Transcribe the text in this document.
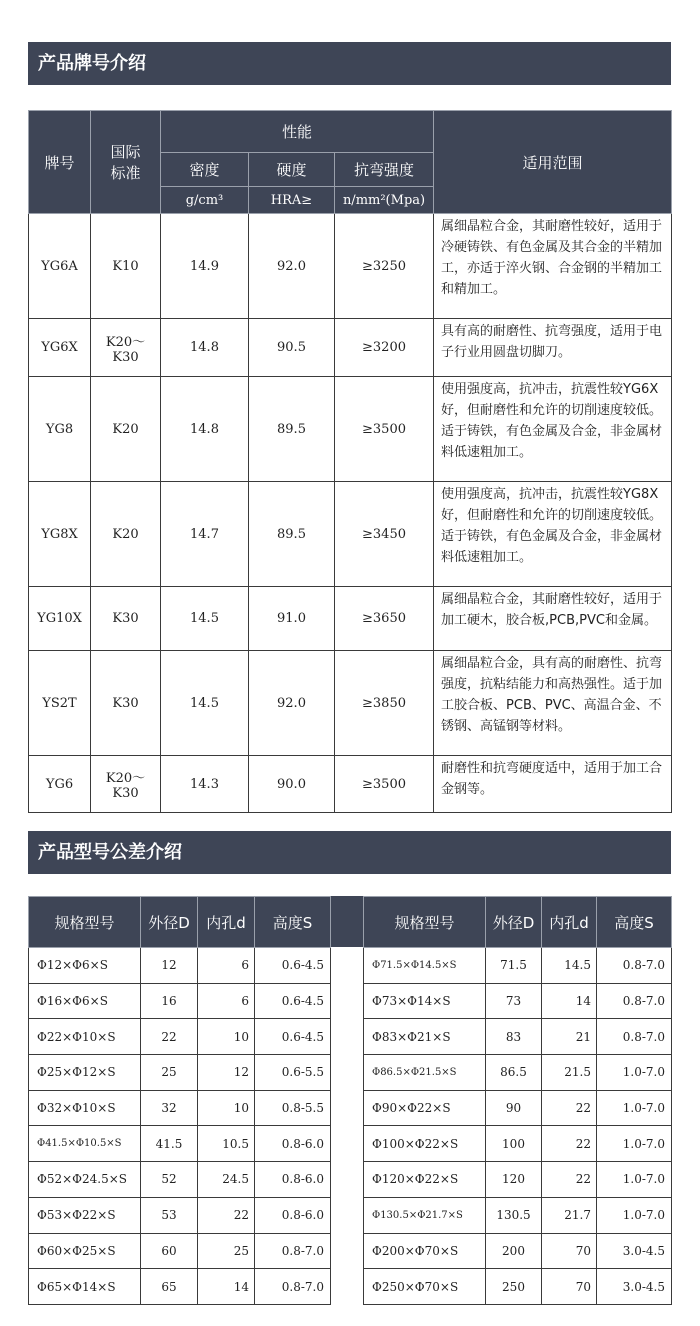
产品牌号介绍
牌号	国际标准	性能			适用范围
		密度	硬度	抗弯强度	
		g/cm³	HRA≥	n/mm²(Mpa)	
YG6A	K10	14.9	92.0	≥3250	属细晶粒合金，其耐磨性较好，适用于冷硬铸铁、有色金属及其合金的半精加工，亦适于淬火钢、合金钢的半精加工和精加工。
YG6X	K20～K30	14.8	90.5	≥3200	具有高的耐磨性、抗弯强度，适用于电子行业用圆盘切脚刀。
YG8	K20	14.8	89.5	≥3500	使用强度高，抗冲击，抗震性较YG6X好，但耐磨性和允许的切削速度较低。适于铸铁，有色金属及合金，非金属材料低速粗加工。
YG8X	K20	14.7	89.5	≥3450	使用强度高，抗冲击，抗震性较YG8X好，但耐磨性和允许的切削速度较低。适于铸铁，有色金属及合金，非金属材料低速粗加工。
YG10X	K30	14.5	91.0	≥3650	属细晶粒合金，其耐磨性较好，适用于加工硬木，胶合板,PCB,PVC和金属。
YS2T	K30	14.5	92.0	≥3850	属细晶粒合金，具有高的耐磨性、抗弯强度，抗粘结能力和高热强性。适于加工胶合板、PCB、PVC、高温合金、不锈钢、高锰钢等材料。
YG6	K20～K30	14.3	90.0	≥3500	耐磨性和抗弯硬度适中，适用于加工合金钢等。
产品型号公差介绍
规格型号	外径D	内孔d	高度S
Φ12×Φ6×S	12	6	0.6-4.5
Φ16×Φ6×S	16	6	0.6-4.5
Φ22×Φ10×S	22	10	0.6-4.5
Φ25×Φ12×S	25	12	0.6-5.5
Φ32×Φ10×S	32	10	0.8-5.5
Φ41.5×Φ10.5×S	41.5	10.5	0.8-6.0
Φ52×Φ24.5×S	52	24.5	0.8-6.0
Φ53×Φ22×S	53	22	0.8-6.0
Φ60×Φ25×S	60	25	0.8-7.0
Φ65×Φ14×S	65	14	0.8-7.0
规格型号	外径D	内孔d	高度S
Φ71.5×Φ14.5×S	71.5	14.5	0.8-7.0
Φ73×Φ14×S	73	14	0.8-7.0
Φ83×Φ21×S	83	21	0.8-7.0
Φ86.5×Φ21.5×S	86.5	21.5	1.0-7.0
Φ90×Φ22×S	90	22	1.0-7.0
Φ100×Φ22×S	100	22	1.0-7.0
Φ120×Φ22×S	120	22	1.0-7.0
Φ130.5×Φ21.7×S	130.5	21.7	1.0-7.0
Φ200×Φ70×S	200	70	3.0-4.5
Φ250×Φ70×S	250	70	3.0-4.5
